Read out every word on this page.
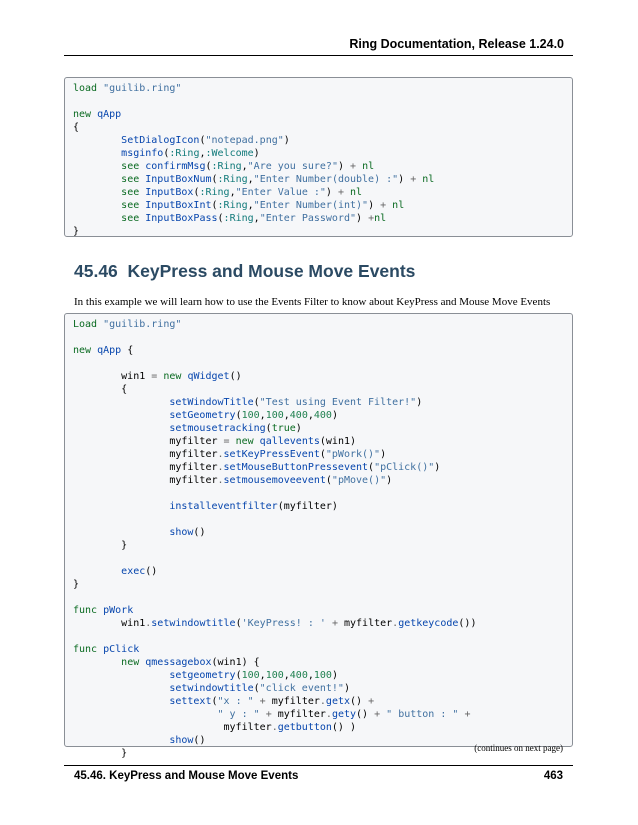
Ring Documentation, Release 1.24.0
load "guilib.ring"
new qApp
{
SetDialogIcon("notepad.png")
msginfo(:Ring,:Welcome)
see confirmMsg(:Ring,"Are you sure?") + nl
see InputBoxNum(:Ring,"Enter Number(double) :") + nl
see InputBox(:Ring,"Enter Value :") + nl
see InputBoxInt(:Ring,"Enter Number(int)") + nl
see InputBoxPass(:Ring,"Enter Password") +nl
}
45.46 KeyPress and Mouse Move Events

In this example we will learn how to use the Events Filter to know about KeyPress and Mouse Move Events

Load "guilib.ring"
new qApp {
win1 = new qWidget()
{
setWindowTitle("Test using Event Filter!")
setGeometry(100,100,400,400)
setmousetracking(true)
myfilter = new qallevents(win1)
myfilter.setKeyPressEvent("pWork()")
myfilter.setMouseButtonPressevent("pClick()")
myfilter.setmousemoveevent("pMove()")
installeventfilter(myfilter)
show()
}
exec()
}
func pWork
win1.setwindowtitle('KeyPress! : ' + myfilter.getkeycode())
func pClick
new qmessagebox(win1) {
setgeometry(100,100,400,100)
setwindowtitle("click event!")
settext("x : " + myfilter.getx() +
" y : " + myfilter.gety() + " button : " +
myfilter.getbutton() )
show()
}	(continues on next page)
45.46. KeyPress and Mouse Move Events	463
